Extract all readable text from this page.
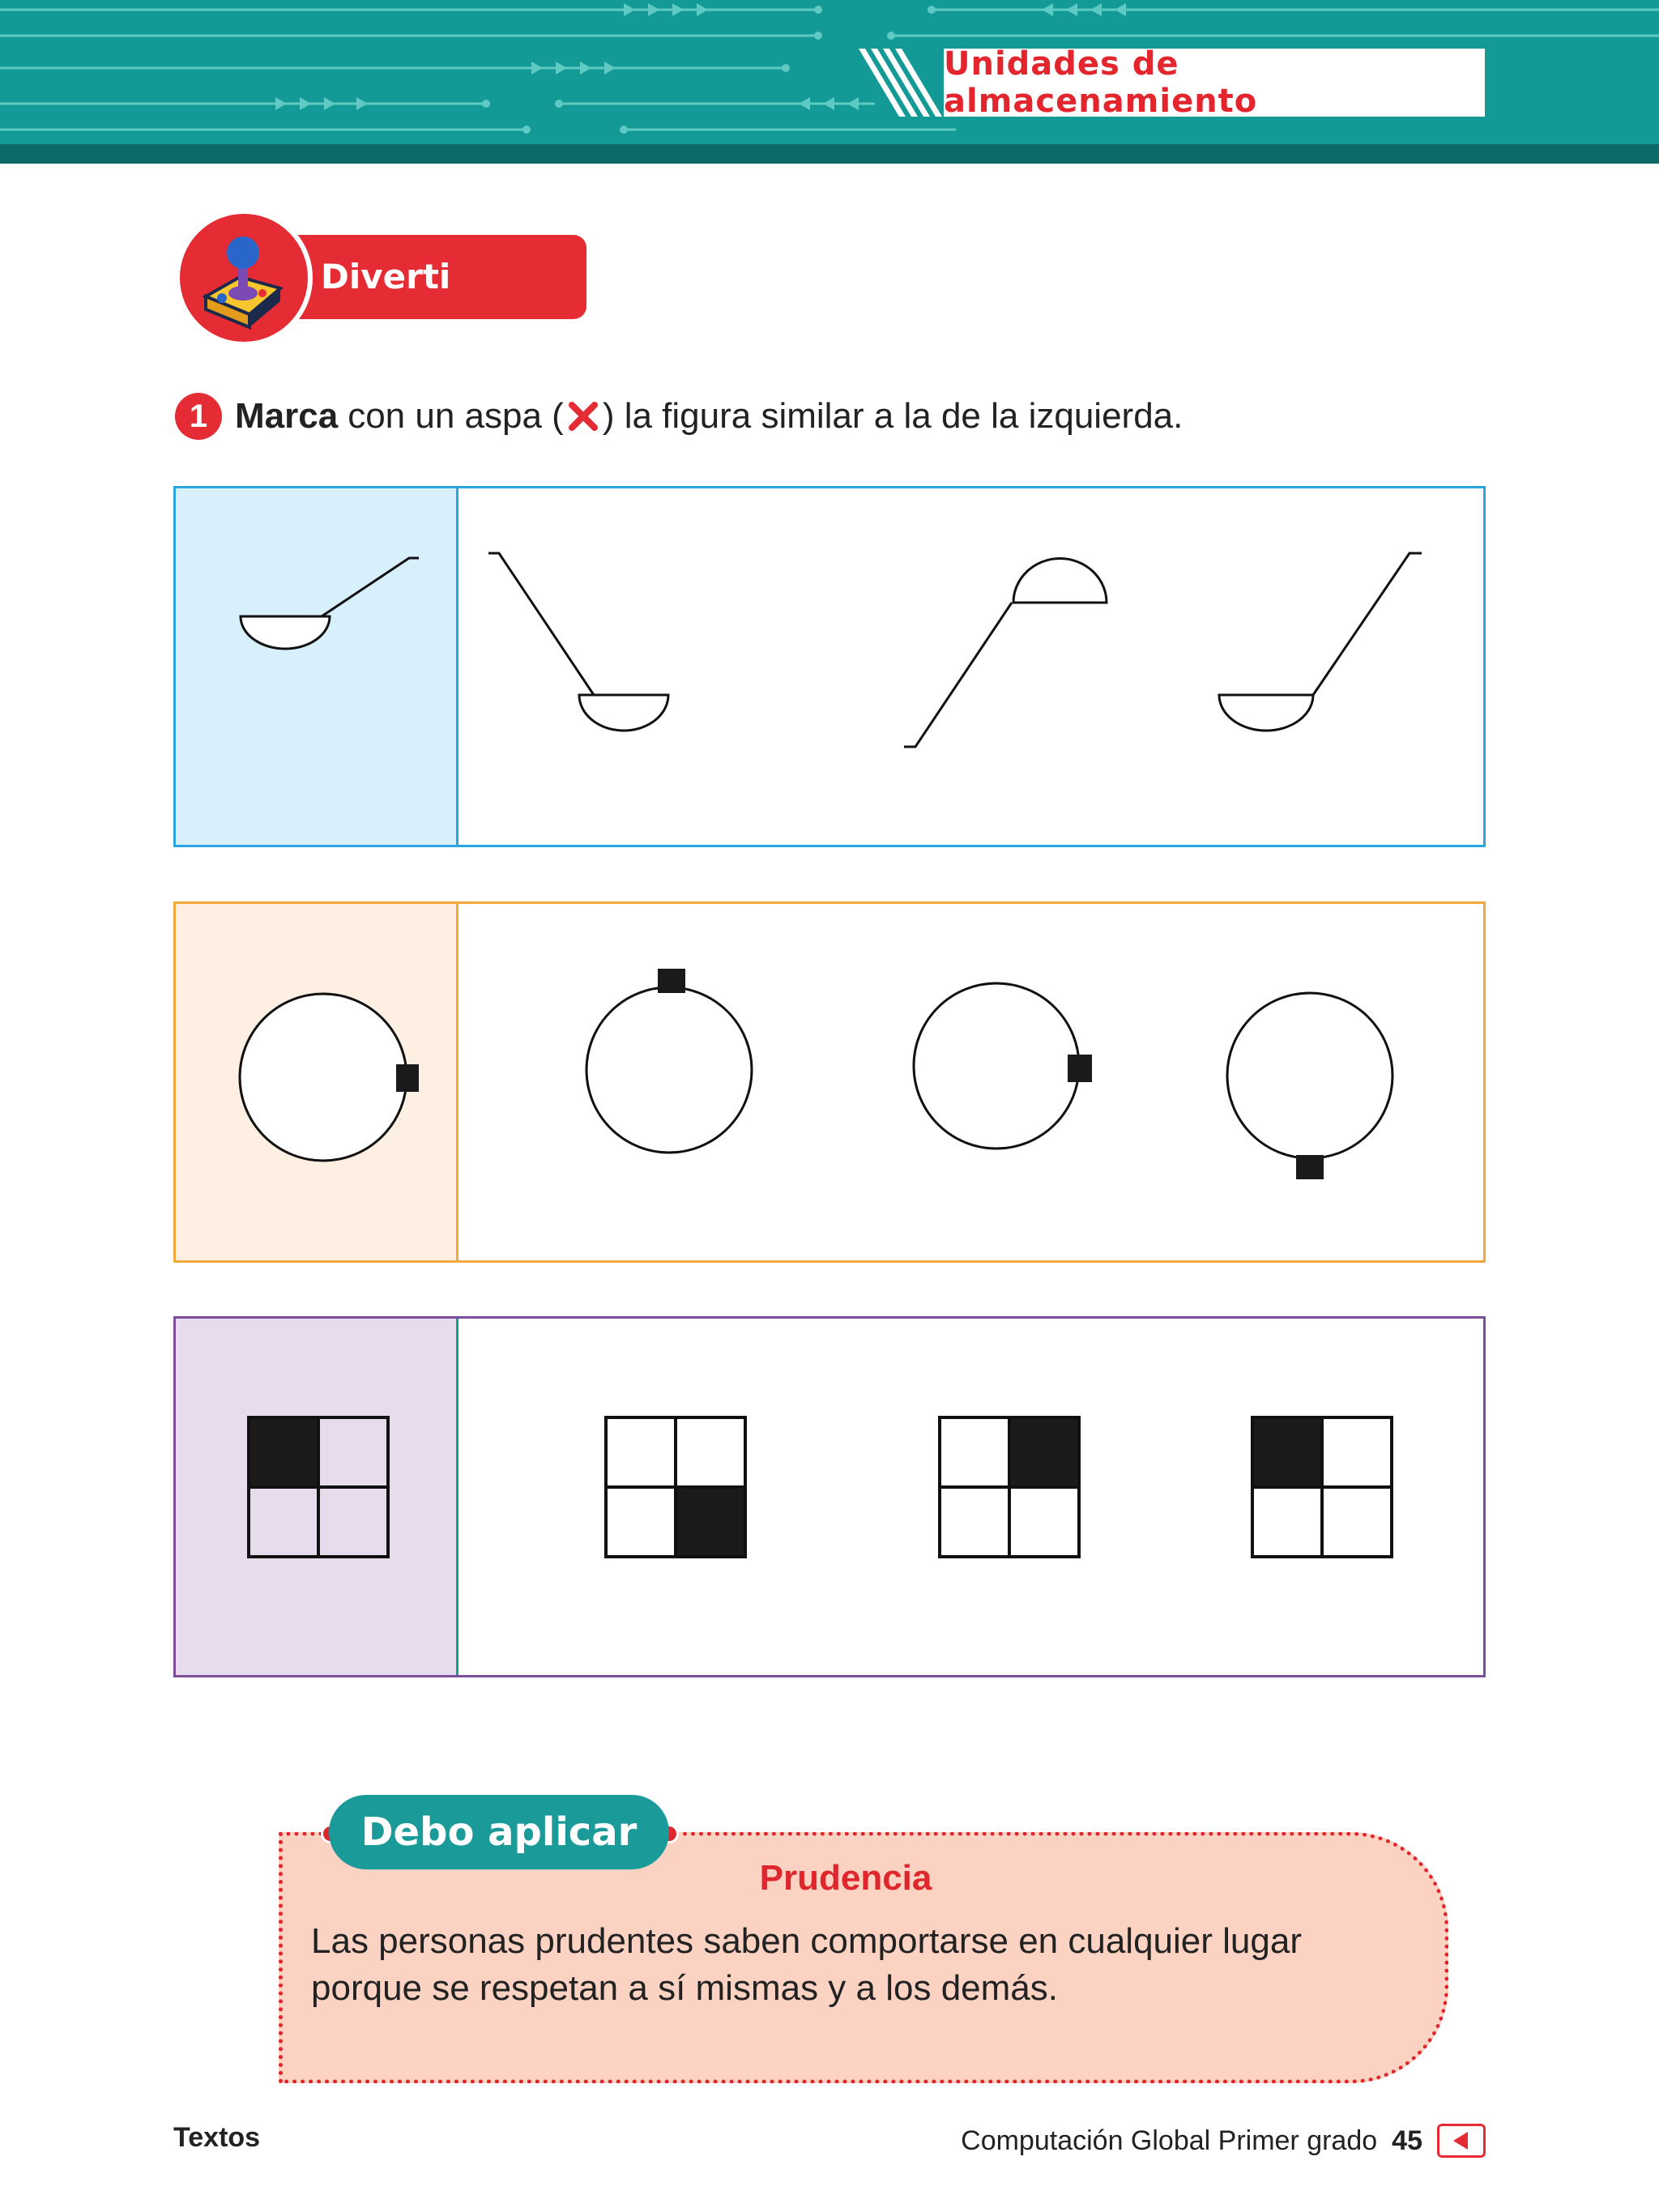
Unidades de almacenamiento
Diverti Juegos
1 Marca con un aspa ( ) la figura similar a la de la izquierda.
Debo aplicar
Prudencia
Las personas prudentes saben comportarse en cualquier lugar porque se respetan a sí mismas y a los demás.
Textos	Computación Global Primer grado 45
